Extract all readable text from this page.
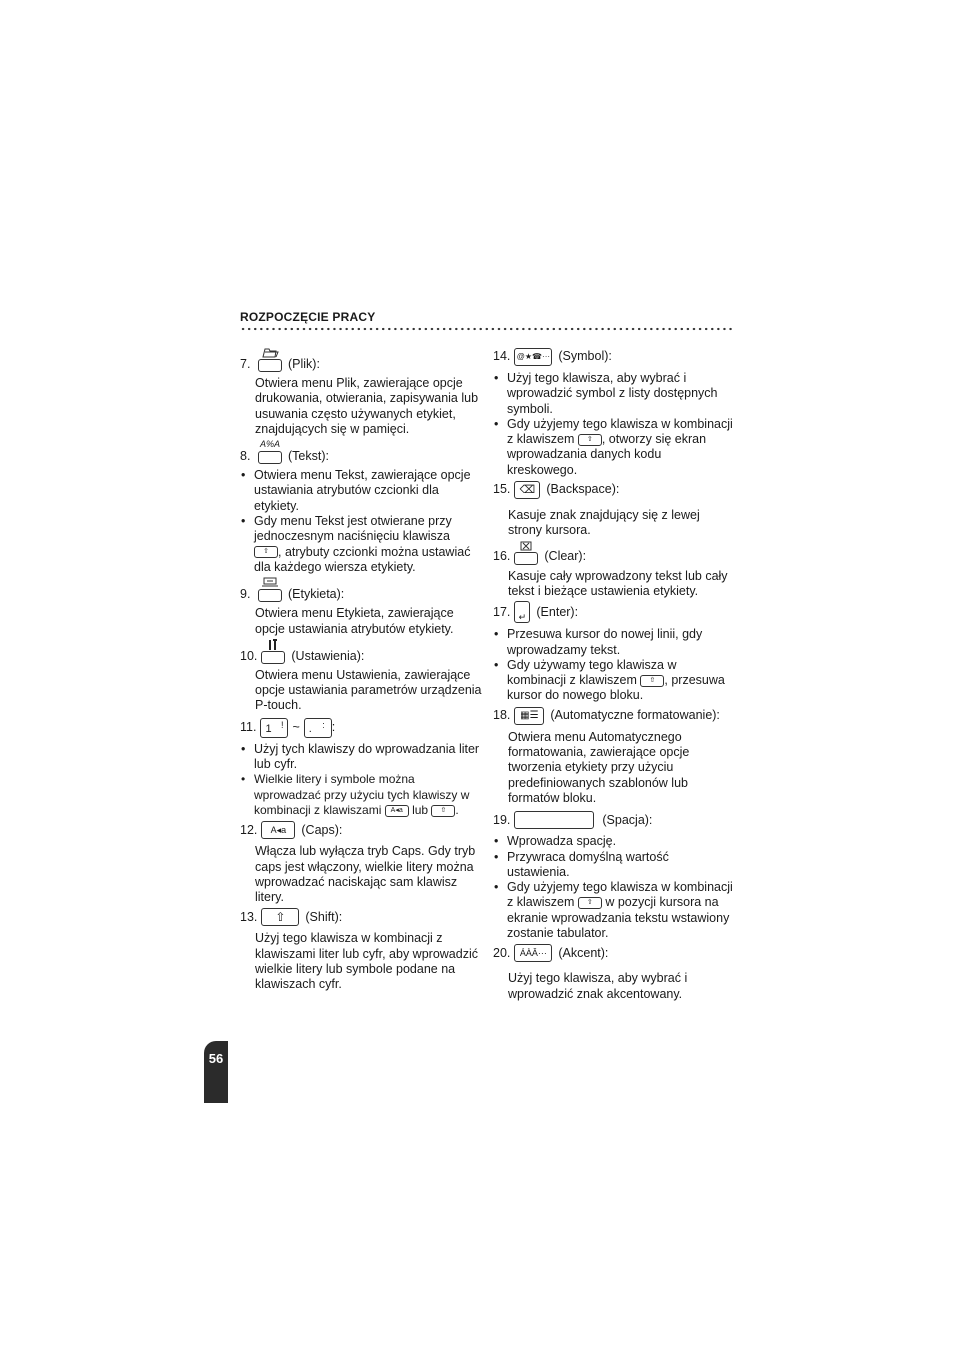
ROZPOCZĘCIE PRACY
7.	(Plik):
Otwiera menu Plik, zawierające opcje drukowania, otwierania, zapisywania lub usuwania często używanych etykiet, znajdujących się w pamięci.
8.
A%A
(Tekst):
• Otwiera menu Tekst, zawierające opcje ustawiania atrybutów czcionki dla etykiety.
• Gdy menu Tekst jest otwierane przy jednoczesnym naciśnięciu klawisza
⇧ , atrybuty czcionki można ustawiać dla każdego wiersza etykiety.
9.	(Etykieta):
Otwiera menu Etykieta, zawierające opcje ustawiania atrybutów etykiety.
10.	(Ustawienia):
Otwiera menu Ustawienia, zawierające opcje ustawiania parametrów urządzenia P-touch.
11. 1 ! ~ . : :
• Użyj tych klawiszy do wprowadzania liter lub cyfr.
• Wielkie litery i symbole można wprowadzać przy użyciu tych klawiszy w kombinacji z klawiszami A◂a lub ⇧ .
12.	A◂a	(Caps):
Włącza lub wyłącza tryb Caps. Gdy tryb caps jest włączony, wielkie litery można wprowadzać naciskając sam klawisz litery.
13.	⇧	(Shift):
Użyj tego klawisza w kombinacji z klawiszami liter lub cyfr, aby wprowadzić wielkie litery lub symbole podane na klawiszach cyfr.
14. @★☎··· (Symbol):
• Użyj tego klawisza, aby wybrać i wprowadzić symbol z listy dostępnych symboli.
• Gdy użyjemy tego klawisza w kombinacji z klawiszem ⇧ , otworzy się ekran wprowadzania danych kodu kreskowego.
15. ⌫ (Backspace):
Kasuje znak znajdujący się z lewej strony kursora.
16.	(Clear):
Kasuje cały wprowadzony tekst lub cały tekst i bieżące ustawienia etykiety.
17. ↵ (Enter):
• Przesuwa kursor do nowej linii, gdy wprowadzamy tekst.
• Gdy używamy tego klawisza w kombinacji z klawiszem ⇧ , przesuwa kursor do nowego bloku.
18. ▦☰ (Automatyczne formatowanie):
Otwiera menu Automatycznego formatowania, zawierające opcje tworzenia etykiety przy użyciu predefiniowanych szablonów lub formatów bloku.
19.	(Spacja):
• Wprowadza spację.
• Przywraca domyślną wartość ustawienia.
• Gdy użyjemy tego klawisza w kombinacji z klawiszem ⇧ w pozycji kursora na ekranie wprowadzania tekstu wstawiony zostanie tabulator.
20.	ÁÀÂ··· (Akcent):
Użyj tego klawisza, aby wybrać i wprowadzić znak akcentowany.
56
